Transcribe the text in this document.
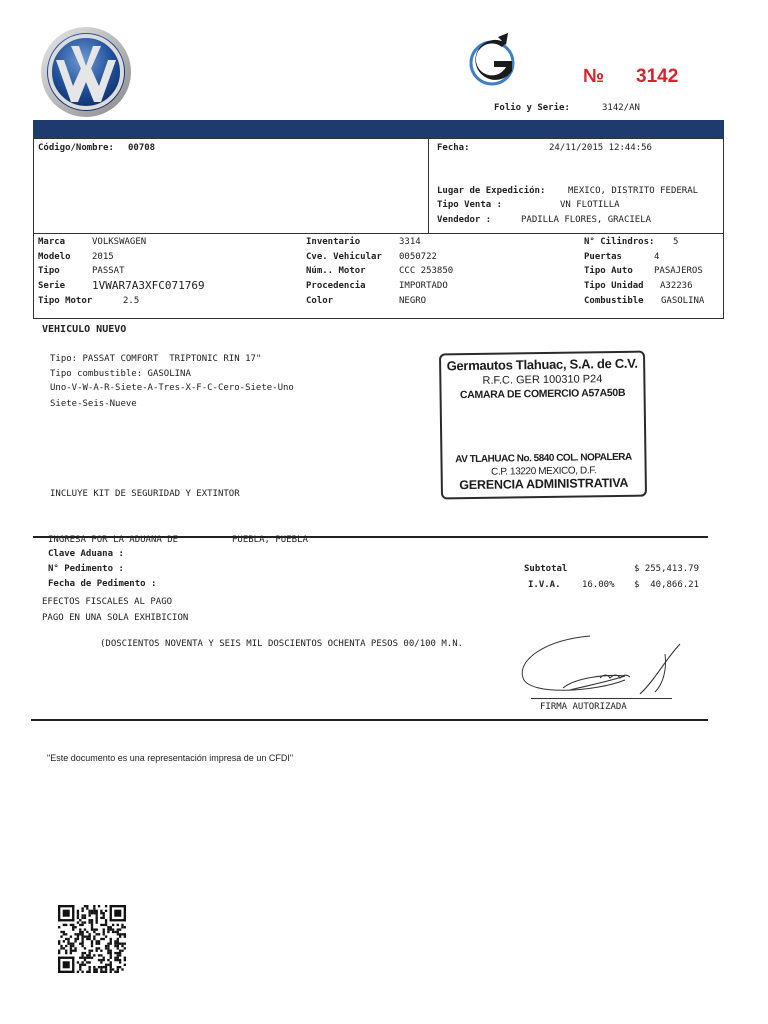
№ 3142
Folio y Serie:	3142/AN
Código/Nombre: 00708	Fecha:	24/11/2015 12:44:56
Lugar de Expedición:	MEXICO, DISTRITO FEDERAL
Tipo Venta :	VN FLOTILLA
Vendedor :	PADILLA FLORES, GRACIELA
Marca	VOLKSWAGEN
Modelo 2015
Tipo	PASSAT
Serie 1VWAR7A3XFC071769
Tipo Motor	2.5
Inventario	3314
Cve. Vehicular 0050722
Núm.. Motor	CCC 253850
Procedencia	IMPORTADO
Color	NEGRO
N° Cilindros: 5
Puertas	4
Tipo Auto PASAJEROS
Tipo Unidad A32236
Combustible GASOLINA
VEHICULO NUEVO
Tipo: PASSAT COMFORT  TRIPTONIC RIN 17"
Tipo combustible: GASOLINA
Uno-V-W-A-R-Siete-A-Tres-X-F-C-Cero-Siete-Uno
Siete-Seis-Nueve
INCLUYE KIT DE SEGURIDAD Y EXTINTOR
Germautos Tlahuac, S.A. de C.V.
R.F.C. GER 100310 P24
CAMARA DE COMERCIO A57A50B
AV TLAHUAC No. 5840 COL. NOPALERA
C.P. 13220 MEXICO, D.F.
GERENCIA ADMINISTRATIVA
INGRESA POR LA ADUANA DE	PUEBLA, PUEBLA
Clave Aduana :
N° Pedimento :
Fecha de Pedimento :
EFECTOS FISCALES AL PAGO
PAGO EN UNA SOLA EXHIBICION
(DOSCIENTOS NOVENTA Y SEIS MIL DOSCIENTOS OCHENTA PESOS 00/100 M.N.
Subtotal	$ 255,413.79
I.V.A. 16.00% $  40,866.21
FIRMA AUTORIZADA
"Este documento es una representación impresa de un CFDI"
